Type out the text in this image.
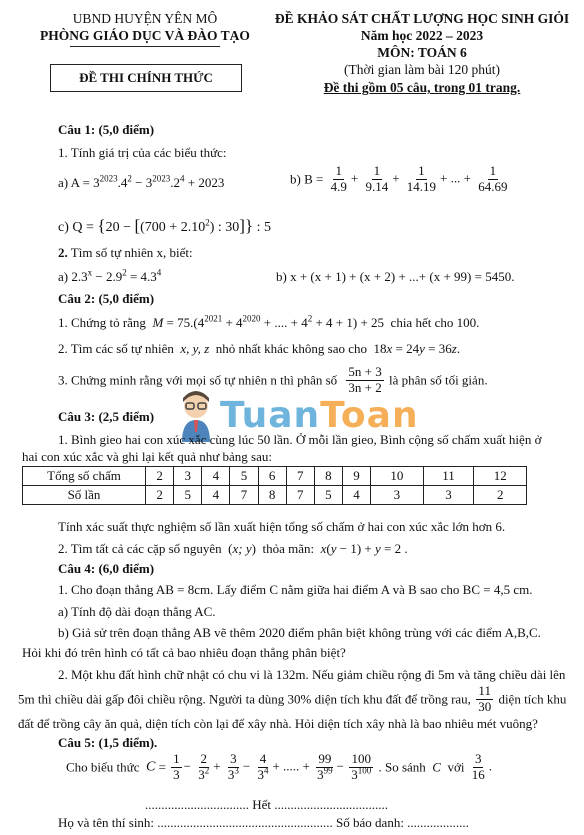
UBND HUYỆN YÊN MÔ
PHÒNG GIÁO DỤC VÀ ĐÀO TẠO
ĐỀ THI CHÍNH THỨC
ĐỀ KHẢO SÁT CHẤT LƯỢNG HỌC SINH GIỎI
Năm học 2022 – 2023
MÔN: TOÁN 6
(Thời gian làm bài 120 phút)
Đề thi gồm 05 câu, trong 01 trang.
Câu 1: (5,0 điểm)
1. Tính giá trị của các biểu thức:
a) $A = 3^{2023}.4^2 - 3^{2023}.2^4 + 2023$	b) $B = \frac{1}{4.9} + \frac{1}{9.14} + \frac{1}{14.19}$ + ... + $\frac{1}{64.69}$
c) $Q = \{20 - [(700 + 2.10^2)$ : 30]} : 5
2. Tìm số tự nhiên x, biết:
a) $2.3^x - 2.9^2 = 4.3^4$	b) x + (x + 1) + (x + 2) + ...+ (x + 99) = 5450.
Câu 2: (5,0 điểm)
1. Chứng tỏ rằng $M = 75.(4^{2021} + 4^{2020}$ + .... + $4^2 + 4 + 1) + 25$  chia hết cho 100.
2. Tìm các số tự nhiên x, y, z nhỏ nhất khác không sao cho  18x = 24y = 36z.
3. Chứng minh rằng với mọi số tự nhiên n thì phân số $\frac{5n + 3}{3n + 2}$ là phân số tối giản.
TuanToan
Câu 3: (2,5 điểm)
1. Bình gieo hai con xúc xắc cùng lúc 50 lần. Ở mỗi lần gieo, Bình cộng số chấm xuất hiện ở
hai con xúc xắc và ghi lại kết quả như bảng sau:
Tổng số chấm	2	3	4	5	6	7	8	9	10	11	12
Số lần	2	5	4	7	8	7	5	4	3	3	2
Tính xác suất thực nghiệm số lần xuất hiện tổng số chấm ở hai con xúc xắc lớn hơn 6.
2. Tìm tất cả các cặp số nguyên  (x; y)  thỏa mãn: x(y − 1) + y = 2 .
Câu 4: (6,0 điểm)
1. Cho đoạn thẳng AB = 8cm. Lấy điểm C nằm giữa hai điểm A và B sao cho BC = 4,5 cm.
a) Tính độ dài đoạn thẳng AC.
b) Giả sử trên đoạn thẳng AB vẽ thêm 2020 điểm phân biệt không trùng với các điểm A,B,C.
Hỏi khi đó trên hình có tất cả bao nhiêu đoạn thẳng phân biệt?
2. Một khu đất hình chữ nhật có chu vi là 132m. Nếu giảm chiều rộng đi 5m và tăng chiều dài lên
5m thì chiều dài gấp đôi chiều rộng. Người ta dùng 30% diện tích khu đất để trồng rau, $\frac{11}{30}$ diện tích khu
đất để trồng cây ăn quả, diện tích còn lại để xây nhà. Hỏi diện tích xây nhà là bao nhiêu mét vuông?
Câu 5: (1,5 điểm).
Cho biểu thức $C = \frac{1}{3} - \frac{2}{3^2} + \frac{3}{3^3} - \frac{4}{3^4}$ + ..... + $\frac{99}{3^{99}} - \frac{100}{3^{100}}$ . So sánh C với $\frac{3}{16}$ .
................................ Hết ...................................
Họ và tên thí sinh: ...................................................... Số báo danh: ...................
